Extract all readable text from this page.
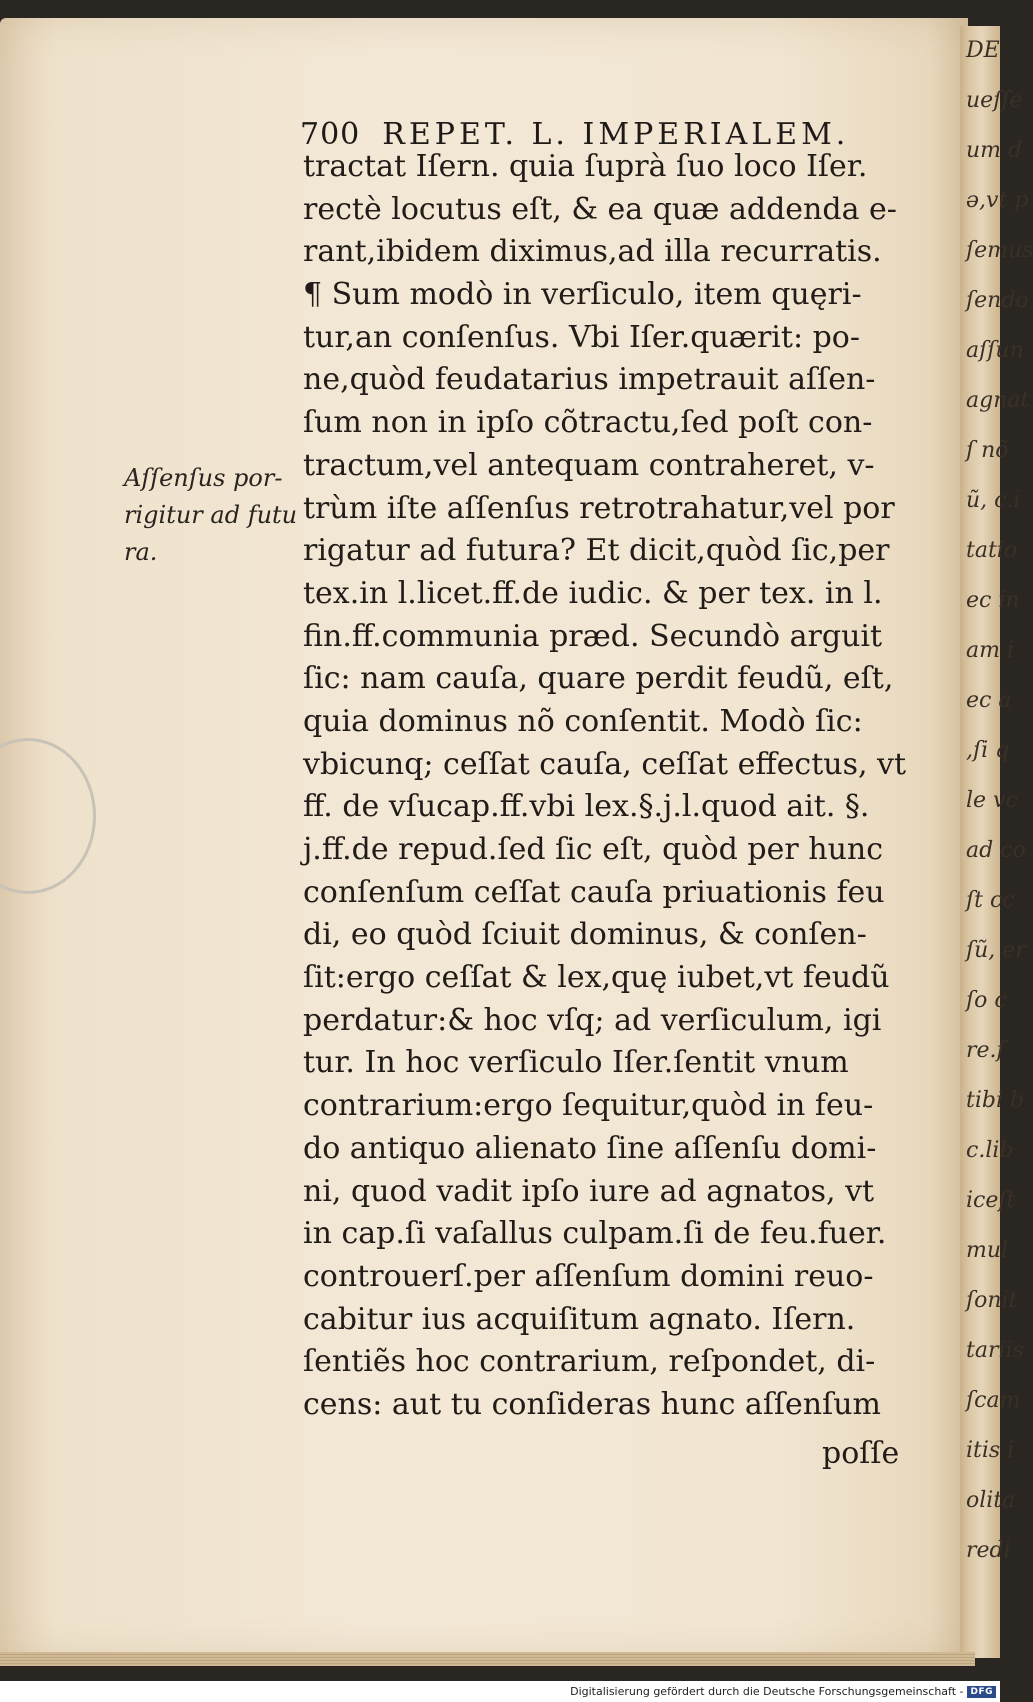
DE
ueſſe
um d
ǝ,vt p
ſemus
ſendo
aſſun
agnat
ſ nõ
ũ, c.i
tatio
ec in
am i
ec a
,ſi q
le vc
ad co
ſt cc
ſũ, er
ſo c
re.ſ
tibi b
c.lib
iceſt
mul
ſonit
tariis
ſcam
itis i
olita
redi
700 REPET. L. IMPERIALEM.
Aſſenſus por-
rigitur ad futu
ra.
tractat Iſern. quia ſuprà ſuo loco Iſer.
rectè locutus eſt, & ea quæ addenda e-
rant,ibidem diximus,ad illa recurratis.
¶ Sum modò in verſiculo, item quęri-
tur,an conſenſus. Vbi Iſer.quærit: po-
ne,quòd feudatarius impetrauit aſſen-
ſum non in ipſo cõtractu,ſed poſt con-
tractum,vel antequam contraheret, v-
trùm iſte aſſenſus retrotrahatur,vel por
rigatur ad futura? Et dicit,quòd ſic,per
tex.in l.licet.ff.de iudic. & per tex. in l.
fin.ff.communia præd. Secundò arguit
ſic: nam cauſa, quare perdit feudũ, eſt,
quia dominus nõ conſentit. Modò ſic:
vbicunq; ceſſat cauſa, ceſſat effectus, vt
ff. de vſucap.ff.vbi lex.§.j.l.quod ait. §.
j.ff.de repud.ſed ſic eſt, quòd per hunc
conſenſum ceſſat cauſa priuationis feu
di, eo quòd ſciuit dominus, & conſen-
ſit:ergo ceſſat & lex,quę iubet,vt feudũ
perdatur:& hoc vſq; ad verſiculum, igi
tur. In hoc verſiculo Iſer.ſentit vnum
contrarium:ergo ſequitur,quòd in feu-
do antiquo alienato ſine aſſenſu domi-
ni, quod vadit ipſo iure ad agnatos, vt
in cap.ſi vaſallus culpam.ſi de feu.fuer.
controuerſ.per aſſenſum domini reuo-
cabitur ius acquiſitum agnato. Iſern.
ſentiẽs hoc contrarium, reſpondet, di-
cens: aut tu conſideras hunc aſſenſum
poſſe
Digitalisierung gefördert durch die Deutsche Forschungsgemeinschaft - DFG
